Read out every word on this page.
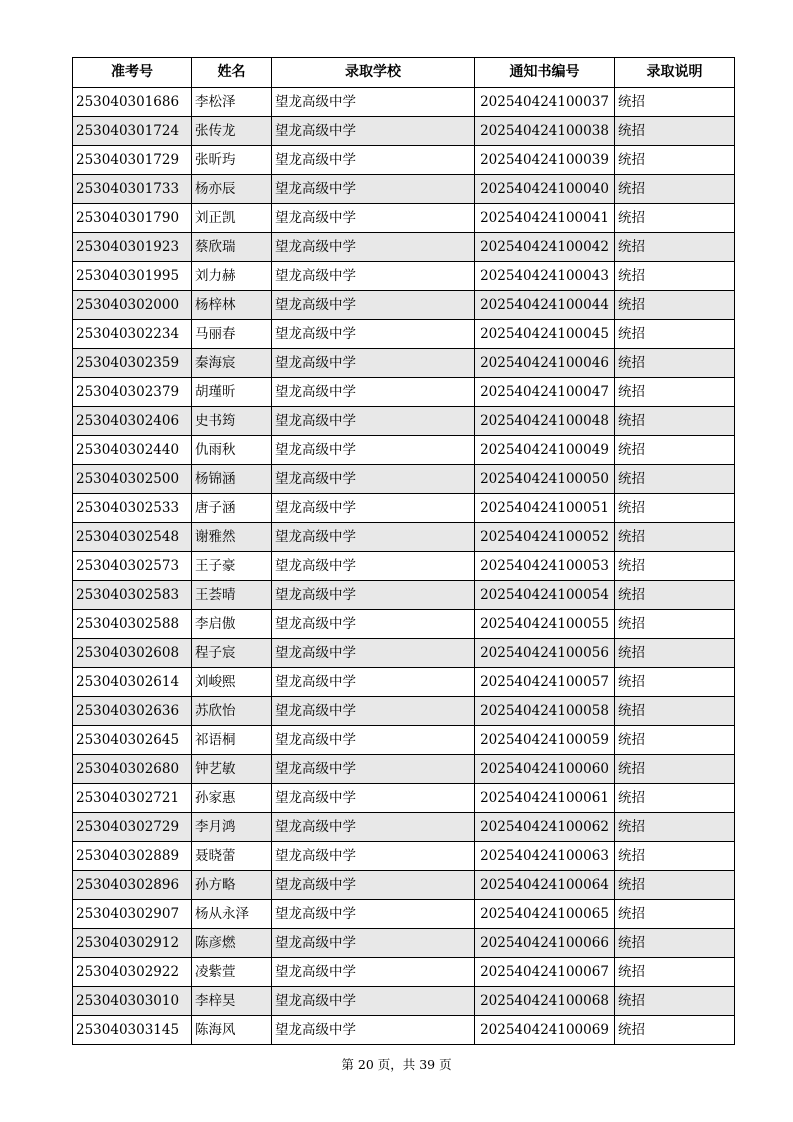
准考号	姓名	录取学校	通知书编号	录取说明
253040301686	李松泽	望龙高级中学	202540424100037	统招
253040301724	张传龙	望龙高级中学	202540424100038	统招
253040301729	张昕玙	望龙高级中学	202540424100039	统招
253040301733	杨亦辰	望龙高级中学	202540424100040	统招
253040301790	刘正凯	望龙高级中学	202540424100041	统招
253040301923	蔡欣瑞	望龙高级中学	202540424100042	统招
253040301995	刘力赫	望龙高级中学	202540424100043	统招
253040302000	杨梓林	望龙高级中学	202540424100044	统招
253040302234	马丽春	望龙高级中学	202540424100045	统招
253040302359	秦海宸	望龙高级中学	202540424100046	统招
253040302379	胡瑾昕	望龙高级中学	202540424100047	统招
253040302406	史书筠	望龙高级中学	202540424100048	统招
253040302440	仇雨秋	望龙高级中学	202540424100049	统招
253040302500	杨锦涵	望龙高级中学	202540424100050	统招
253040302533	唐子涵	望龙高级中学	202540424100051	统招
253040302548	谢雅然	望龙高级中学	202540424100052	统招
253040302573	王子豪	望龙高级中学	202540424100053	统招
253040302583	王荟晴	望龙高级中学	202540424100054	统招
253040302588	李启傲	望龙高级中学	202540424100055	统招
253040302608	程子宸	望龙高级中学	202540424100056	统招
253040302614	刘峻熙	望龙高级中学	202540424100057	统招
253040302636	苏欣怡	望龙高级中学	202540424100058	统招
253040302645	祁语桐	望龙高级中学	202540424100059	统招
253040302680	钟艺敏	望龙高级中学	202540424100060	统招
253040302721	孙家惠	望龙高级中学	202540424100061	统招
253040302729	李月鸿	望龙高级中学	202540424100062	统招
253040302889	聂晓蕾	望龙高级中学	202540424100063	统招
253040302896	孙方略	望龙高级中学	202540424100064	统招
253040302907	杨从永泽	望龙高级中学	202540424100065	统招
253040302912	陈彦燃	望龙高级中学	202540424100066	统招
253040302922	凌紫萱	望龙高级中学	202540424100067	统招
253040303010	李梓昊	望龙高级中学	202540424100068	统招
253040303145	陈海风	望龙高级中学	202540424100069	统招
第 20 页，共 39 页
